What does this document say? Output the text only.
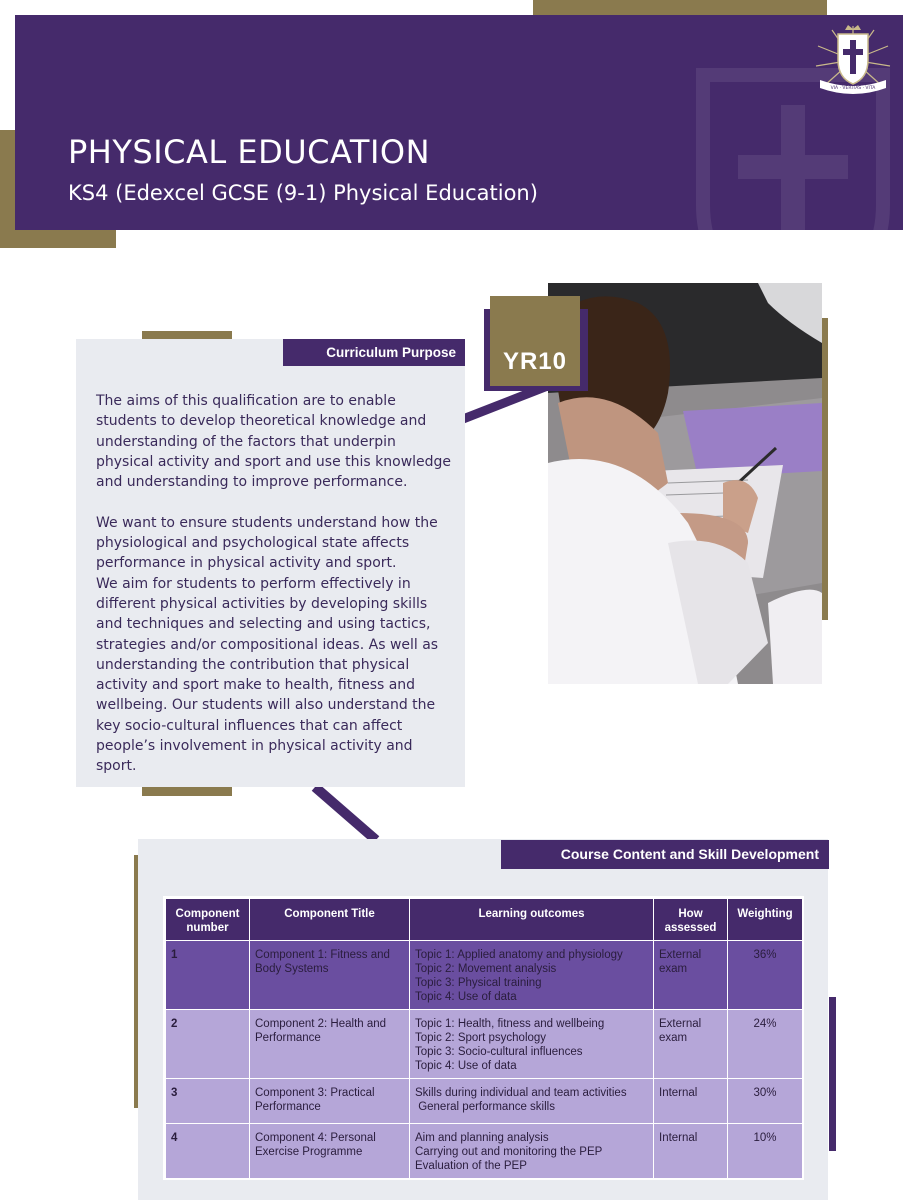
PHYSICAL EDUCATION
KS4 (Edexcel GCSE (9-1) Physical Education)
VIA · VERITAS · VITA
Curriculum Purpose

The aims of this qualification are to enable students to develop theoretical knowledge and understanding of the factors that underpin physical activity and sport and use this knowledge and understanding to improve performance.

We want to ensure students understand how the physiological and psychological state affects performance in physical activity and sport.

We aim for students to perform effectively in different physical activities by developing skills and techniques and selecting and using tactics, strategies and/or compositional ideas. As well as understanding the contribution that physical activity and sport make to health, fitness and wellbeing. Our students will also understand the key socio-cultural influences that can affect people’s involvement in physical activity and sport.

YR10
Course Content and Skill Development
Component number	Component Title	Learning outcomes	How assessed	Weighting
1	Component 1: Fitness and Body Systems	Topic 1: Applied anatomy and physiology
Topic 2: Movement analysis
Topic 3: Physical training
Topic 4: Use of data	External exam	36%
2	Component 2: Health and Performance	Topic 1: Health, fitness and wellbeing
Topic 2: Sport psychology
Topic 3: Socio-cultural influences
Topic 4: Use of data	External exam	24%
3	Component 3: Practical Performance	Skills during individual and team activities
General performance skills	Internal	30%
4	Component 4: Personal Exercise Programme	Aim and planning analysis
Carrying out and monitoring the PEP
Evaluation of the PEP	Internal	10%
